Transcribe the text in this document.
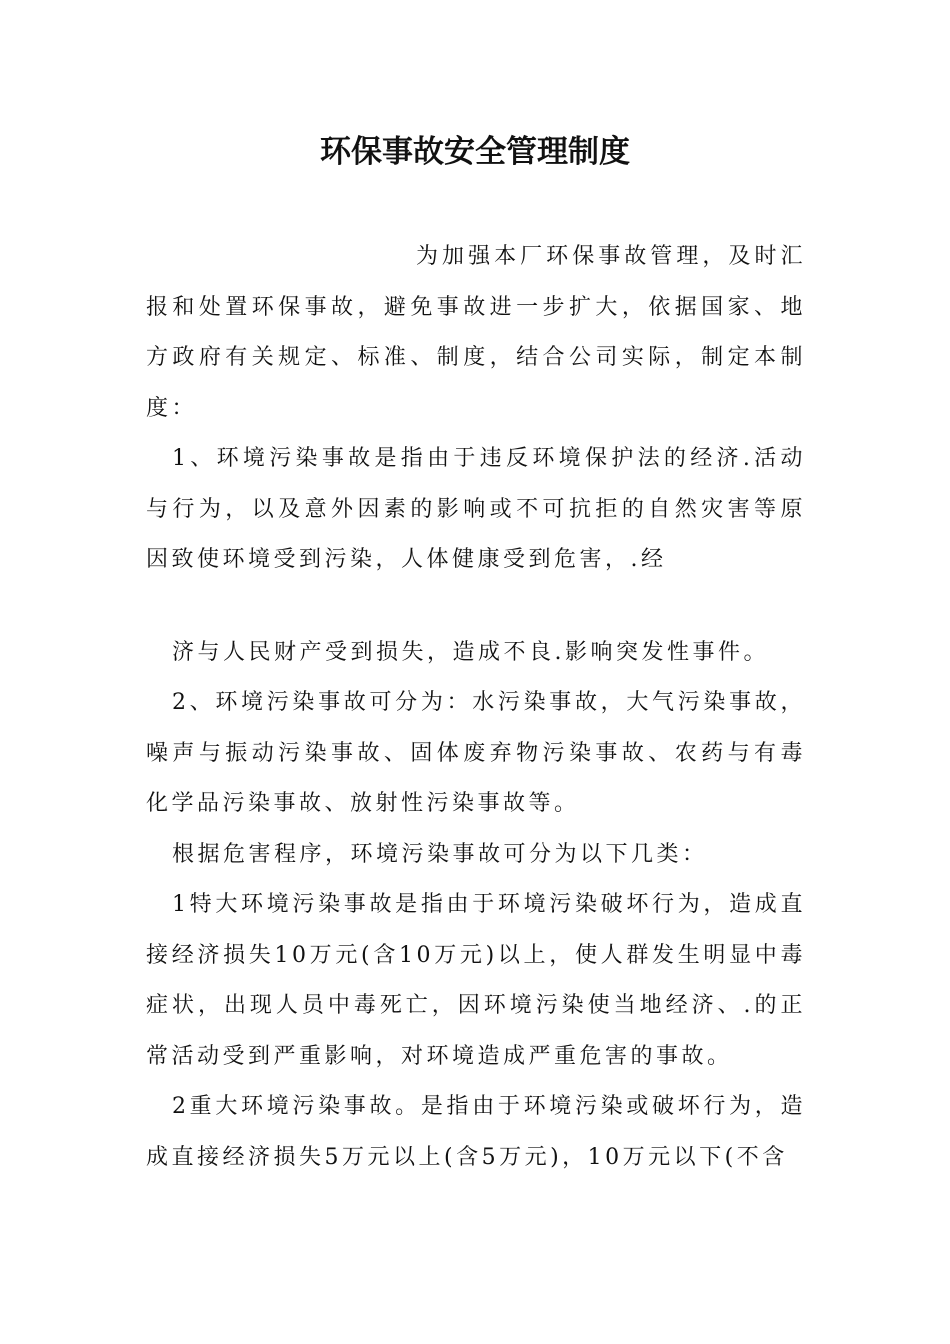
环保事故安全管理制度

为加强本厂环保事故管理，及时汇报和处置环保事故，避免事故进一步扩大，依据国家、地方政府有关规定、标准、制度，结合公司实际，制定本制度：

1、环境污染事故是指由于违反环境保护法的经济.活动与行为，以及意外因素的影响或不可抗拒的自然灾害等原因致使环境受到污染，人体健康受到危害，.经

济与人民财产受到损失，造成不良.影响突发性事件。

2、环境污染事故可分为：水污染事故，大气污染事故，噪声与振动污染事故、固体废弃物污染事故、农药与有毒化学品污染事故、放射性污染事故等。

根据危害程序，环境污染事故可分为以下几类：

1特大环境污染事故是指由于环境污染破坏行为，造成直接经济损失10万元(含10万元)以上，使人群发生明显中毒症状，出现人员中毒死亡，因环境污染使当地经济、.的正常活动受到严重影响，对环境造成严重危害的事故。

2重大环境污染事故。是指由于环境污染或破坏行为，造成直接经济损失5万元以上(含5万元)，10万元以下(不含
